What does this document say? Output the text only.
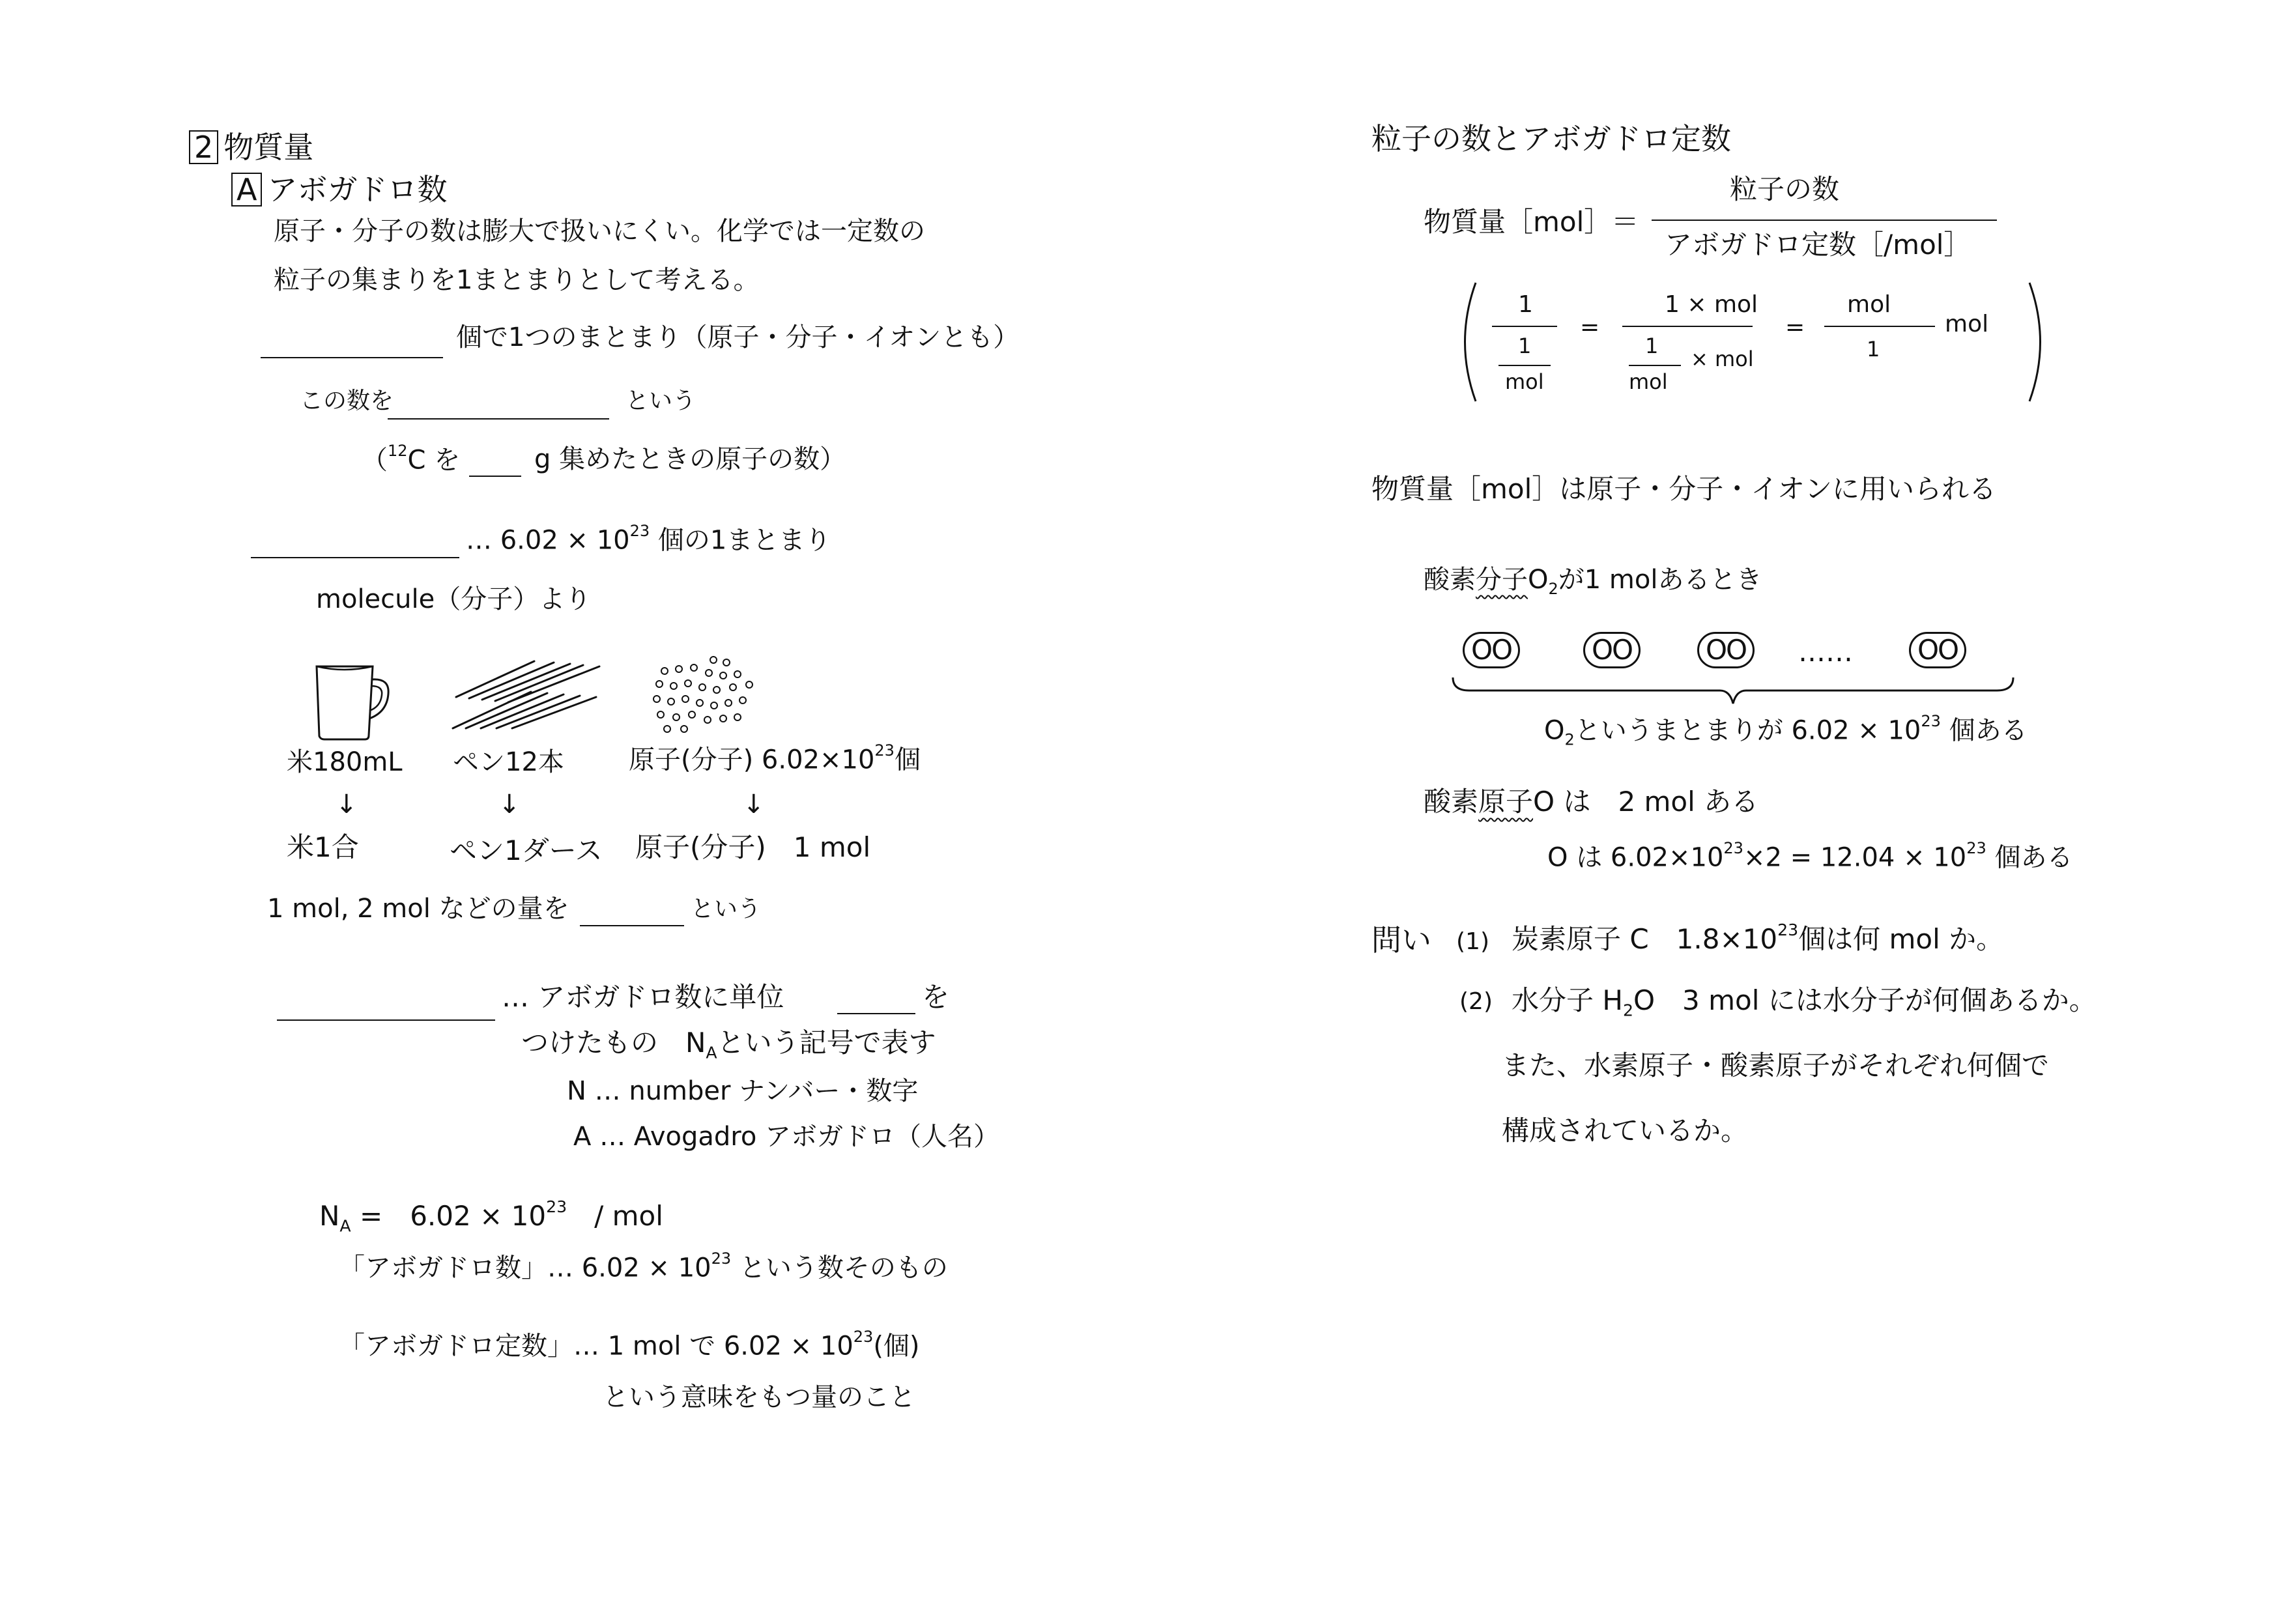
2 物質量
A アボガドロ数
原子・分子の数は膨大で扱いにくい。化学では一定数の
粒子の集まりを1まとまりとして考える。
個で1つのまとまり（原子・分子・イオンとも）
この数を	という
（$^{12}$C を	g 集めたときの原子の数）
… $6.02 \times 10^{23}$ 個の1まとまり
molecule（分子）より
米180mL ペン12本 原子(分子) $6.02\times 10^{23}$個
↓	↓	↓
米1合	ペン1ダース 原子(分子)　1 mol
1 mol, 2 mol などの量を	という
… アボガドロ数に単位	を
つけたもの　$N_A$という記号で表す
N … number ナンバー・数字
A … Avogadro アボガドロ（人名）
$N_A$ =　$6.02 \times 10^{23}$　/ mol
「アボガドロ数」… $6.02 \times 10^{23}$ という数そのもの
「アボガドロ定数」… 1 mol で $6.02 \times 10^{23}$(個)
という意味をもつ量のこと
粒子の数とアボガドロ定数
物質量［mol］＝
粒子の数
アボガドロ定数［/mol］
1
1
mol
=
1 × mol
1
mol
× mol
=
mol
1
mol
物質量［mol］は原子・分子・イオンに用いられる
酸素分子$O_2$が1 molあるとき
OO	OO	OO	……	OO
$O_2$というまとまりが $6.02 \times 10^{23}$ 個ある
酸素原子O は　2 mol ある
O は $6.02\times 10^{23}\times 2 = 12.04 \times 10^{23}$ 個ある
問い (1) 炭素原子 C　$1.8\times 10^{23}$個は何 mol か。
(2) 水分子 $H_2O$　3 mol には水分子が何個あるか。
また、水素原子・酸素原子がそれぞれ何個で
構成されているか。
